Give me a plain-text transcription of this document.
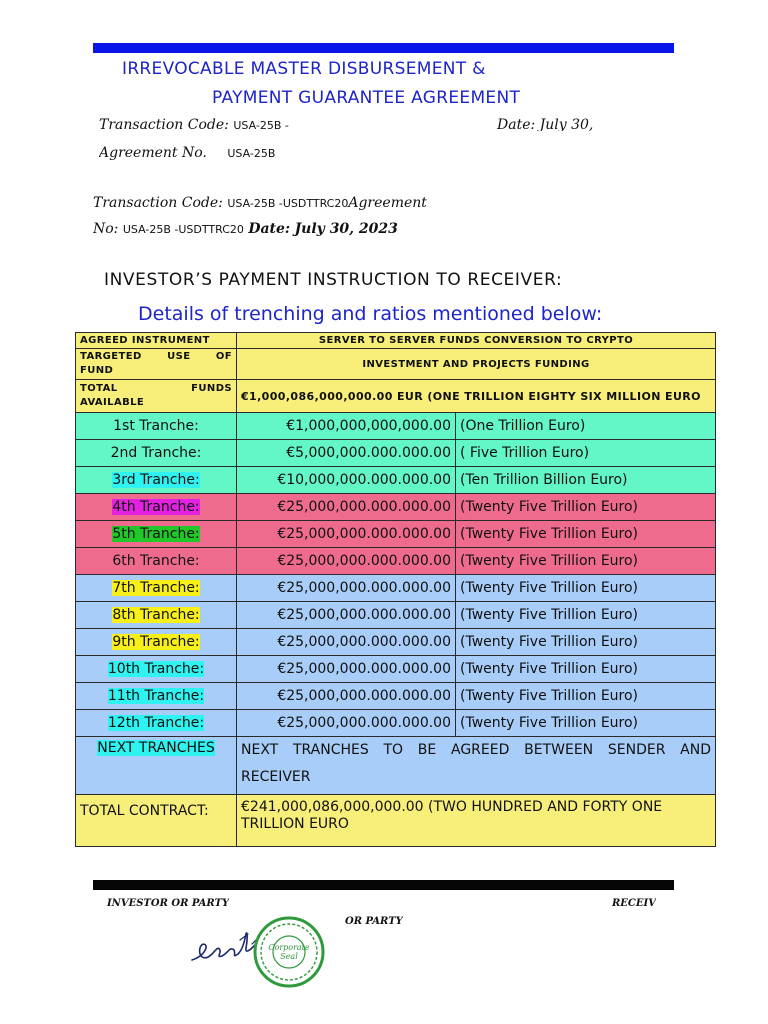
IRREVOCABLE MASTER DISBURSEMENT &
PAYMENT GUARANTEE AGREEMENT
Transaction Code: USA-25B -	Date: July 30,
Agreement No. USA-25B
Transaction Code: USA-25B -USDTTRC20Agreement
No: USA-25B -USDTTRC20 Date: July 30, 2023
INVESTOR’S PAYMENT INSTRUCTION TO RECEIVER:
Details of trenching and ratios mentioned below:
AGREED INSTRUMENT	SERVER TO SERVER FUNDS CONVERSION TO CRYPTO	

TARGETED USE OF
FUND	INVESTMENT AND PROJECTS FUNDING	

TOTAL FUNDS
AVAILABLE	€1,000,086,000,000.00 EUR (ONE TRILLION EIGHTY SIX MILLION EURO	
1st Tranche:	€1,000,000,000,000.00	(One Trillion Euro)
2nd Tranche:	€5,000,000.000.000.00	( Five Trillion Euro)
3rd Tranche:	€10,000,000.000.000.00	(Ten Trillion Billion Euro)
4th Tranche:	€25,000,000.000.000.00	(Twenty Five Trillion Euro)
5th Tranche:	€25,000,000.000.000.00	(Twenty Five Trillion Euro)
6th Tranche:	€25,000,000.000.000.00	(Twenty Five Trillion Euro)
7th Tranche:	€25,000,000.000.000.00	(Twenty Five Trillion Euro)
8th Tranche:	€25,000,000.000.000.00	(Twenty Five Trillion Euro)
9th Tranche:	€25,000,000.000.000.00	(Twenty Five Trillion Euro)
10th Tranche:	€25,000,000.000.000.00	(Twenty Five Trillion Euro)
11th Tranche:	€25,000,000.000.000.00	(Twenty Five Trillion Euro)
12th Tranche:	€25,000,000.000.000.00	(Twenty Five Trillion Euro)
NEXT TRANCHES	NEXT TRANCHES TO BE AGREED BETWEEN SENDER AND RECEIVER	
TOTAL CONTRACT:	€241,000,086,000,000.00 (TWO HUNDRED AND FORTY ONE TRILLION EURO	
INVESTOR OR PARTY	RECEIV
OR PARTY
Corporate
Seal
